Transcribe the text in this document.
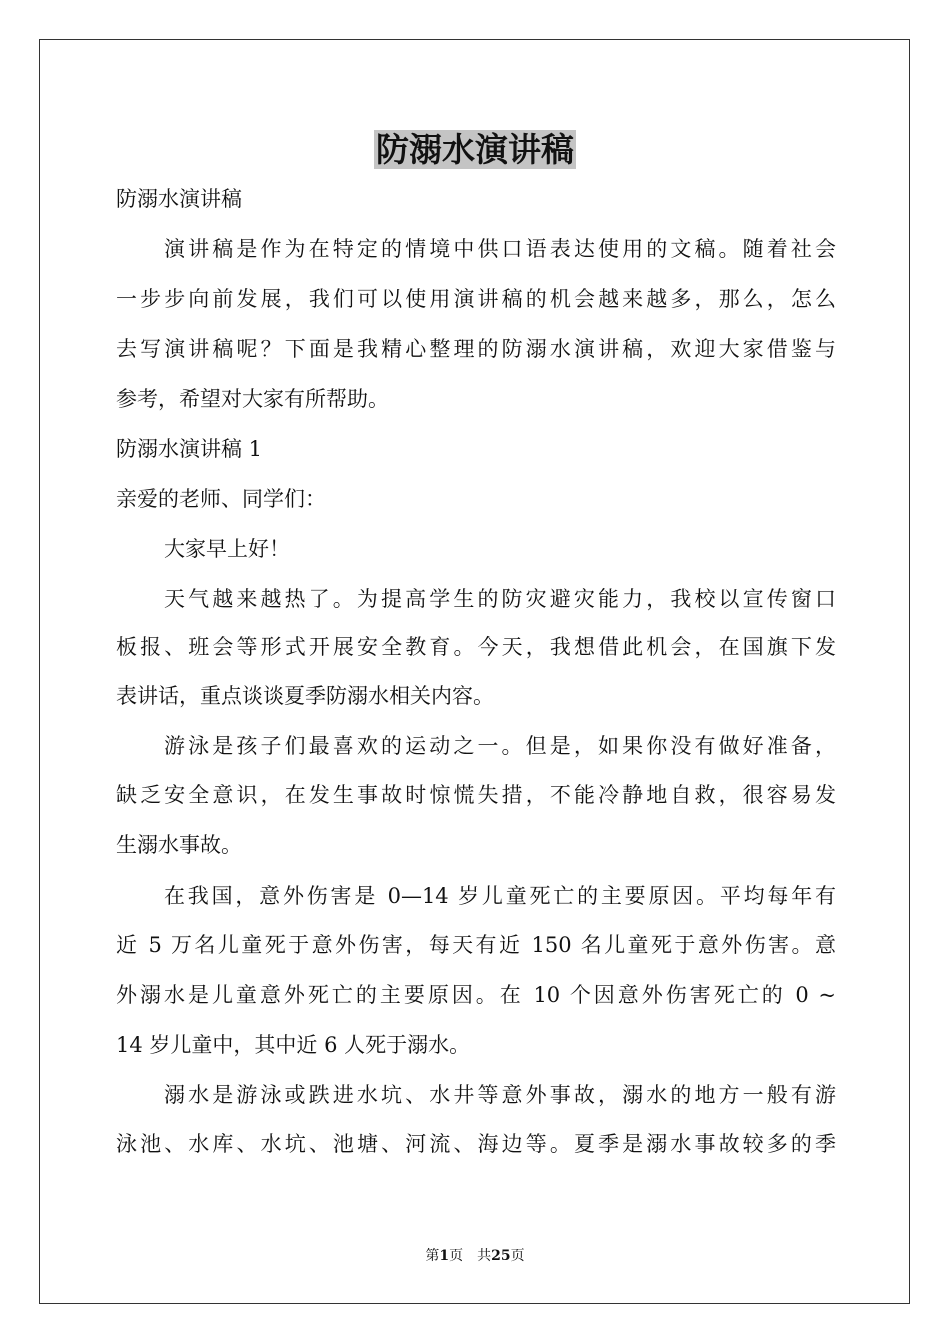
防溺水演讲稿
防溺水演讲稿
演讲稿是作为在特定的情境中供口语表达使用的文稿。随着社会
一步步向前发展，我们可以使用演讲稿的机会越来越多，那么，怎么
去写演讲稿呢？下面是我精心整理的防溺水演讲稿，欢迎大家借鉴与
参考，希望对大家有所帮助。
防溺水演讲稿 1
亲爱的老师、同学们：
大家早上好！
天气越来越热了。为提高学生的防灾避灾能力，我校以宣传窗口
板报、班会等形式开展安全教育。今天，我想借此机会，在国旗下发
表讲话，重点谈谈夏季防溺水相关内容。
游泳是孩子们最喜欢的运动之一。但是，如果你没有做好准备，
缺乏安全意识，在发生事故时惊慌失措，不能冷静地自救，很容易发
生溺水事故。
在我国，意外伤害是 0—14 岁儿童死亡的主要原因。平均每年有
近 5 万名儿童死于意外伤害，每天有近 150 名儿童死于意外伤害。意
外溺水是儿童意外死亡的主要原因。在 10 个因意外伤害死亡的 0 ~
14 岁儿童中，其中近 6 人死于溺水。
溺水是游泳或跌进水坑、水井等意外事故，溺水的地方一般有游
泳池、水库、水坑、池塘、河流、海边等。夏季是溺水事故较多的季
第1页　共25页
